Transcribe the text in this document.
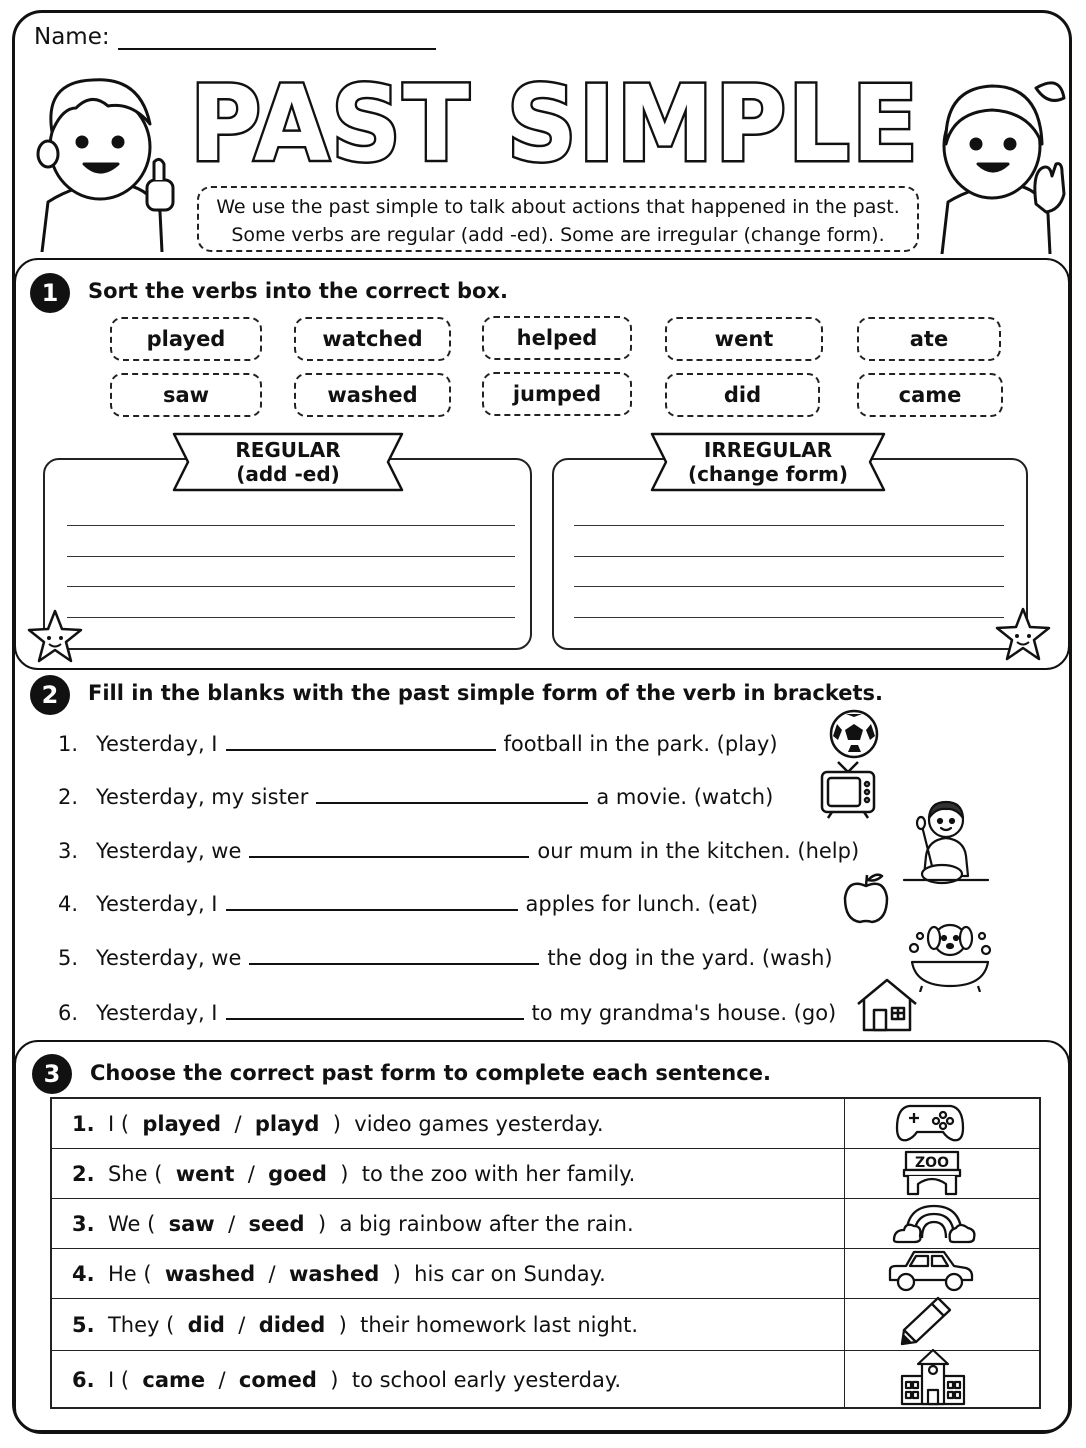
Name:
PAST SIMPLE
We use the past simple to talk about actions that happened in the past.
Some verbs are regular (add -ed). Some are irregular (change form).
1	Sort the verbs into the correct box.
played	watched	helped	went	ate
saw	washed	jumped	did	came
REGULAR
(add -ed)
IRREGULAR
(change form)
2	Fill in the blanks with the past simple form of the verb in brackets.
1. Yesterday, I	football in the park. (play)
2. Yesterday, my sister	a movie. (watch)
3. Yesterday, we	our mum in the kitchen. (help)
4. Yesterday, I	apples for lunch. (eat)
5. Yesterday, we	the dog in the yard. (wash)
6. Yesterday, I	to my grandma's house. (go)
3	Choose the correct past form to complete each sentence.
1. I (  played  /  playd  )  video games yesterday.
2. She (  went  /  goed  )  to the zoo with her family.
3. We (  saw  /  seed  )  a big rainbow after the rain.
4. He (  washed  /  washed  )  his car on Sunday.
5. They (  did  /  dided  )  their homework last night.
6. I (  came  /  comed  )  to school early yesterday.
ZOO
